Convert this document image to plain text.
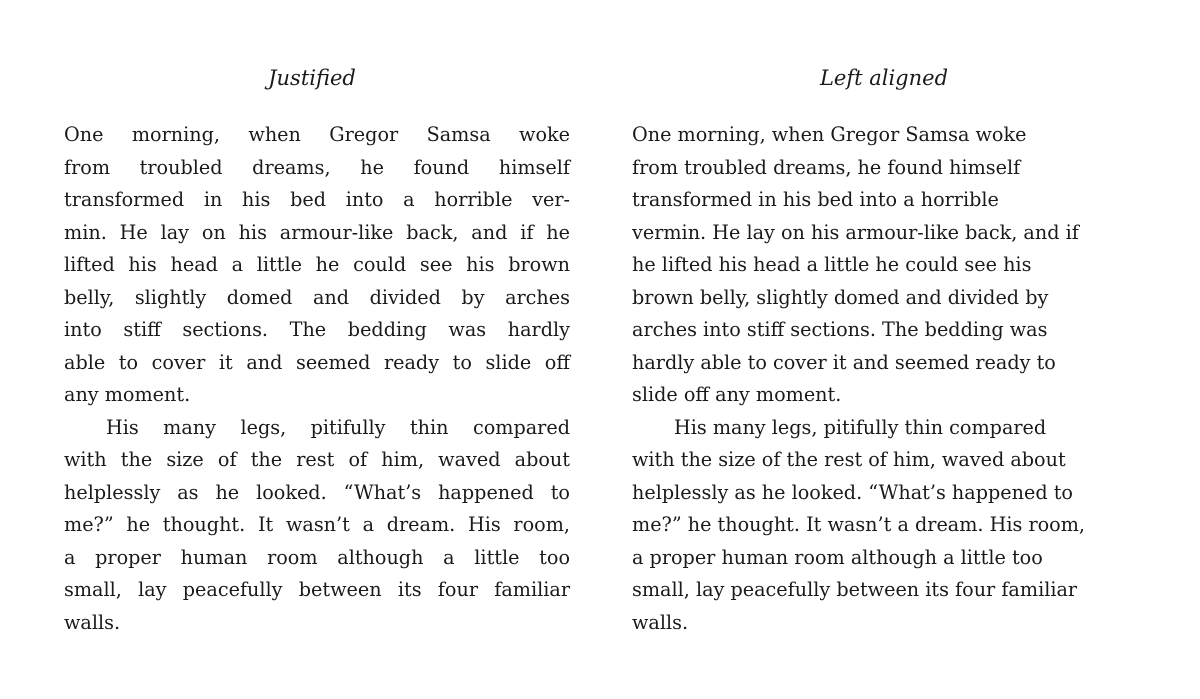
Justified
One morning, when Gregor Samsa woke
from troubled dreams, he found himself
transformed in his bed into a horrible ver-
min. He lay on his armour-like back, and if he
lifted his head a little he could see his brown
belly, slightly domed and divided by arches
into stiff sections. The bedding was hardly
able to cover it and seemed ready to slide off
any moment.
His many legs, pitifully thin compared
with the size of the rest of him, waved about
helplessly as he looked. “What’s happened to
me?” he thought. It wasn’t a dream. His room,
a proper human room although a little too
small, lay peacefully between its four familiar
walls.
Left aligned
One morning, when Gregor Samsa woke
from troubled dreams, he found himself
transformed in his bed into a horrible
vermin. He lay on his armour-like back, and if
he lifted his head a little he could see his
brown belly, slightly domed and divided by
arches into stiff sections. The bedding was
hardly able to cover it and seemed ready to
slide off any moment.
His many legs, pitifully thin compared
with the size of the rest of him, waved about
helplessly as he looked. “What’s happened to
me?” he thought. It wasn’t a dream. His room,
a proper human room although a little too
small, lay peacefully between its four familiar
walls.
